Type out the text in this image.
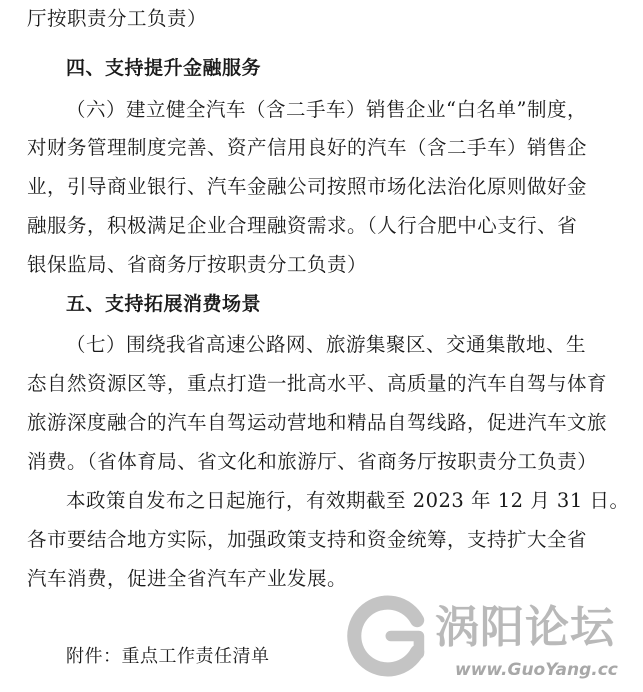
厅按职责分工负责）
四、支持提升金融服务
（六）建立健全汽车（含二手车）销售企业“白名单”制度，
对财务管理制度完善、资产信用良好的汽车（含二手车）销售企
业，引导商业银行、汽车金融公司按照市场化法治化原则做好金
融服务，积极满足企业合理融资需求。（人行合肥中心支行、省
银保监局、省商务厅按职责分工负责）
五、支持拓展消费场景
（七）围绕我省高速公路网、旅游集聚区、交通集散地、生
态自然资源区等，重点打造一批高水平、高质量的汽车自驾与体育
旅游深度融合的汽车自驾运动营地和精品自驾线路，促进汽车文旅
消费。（省体育局、省文化和旅游厅、省商务厅按职责分工负责）
本政策自发布之日起施行，有效期截至 2023 年 12 月 31 日。
各市要结合地方实际，加强政策支持和资金统筹，支持扩大全省
汽车消费，促进全省汽车产业发展。
附件：重点工作责任清单
涡阳论坛
www.GuoYang.cc
